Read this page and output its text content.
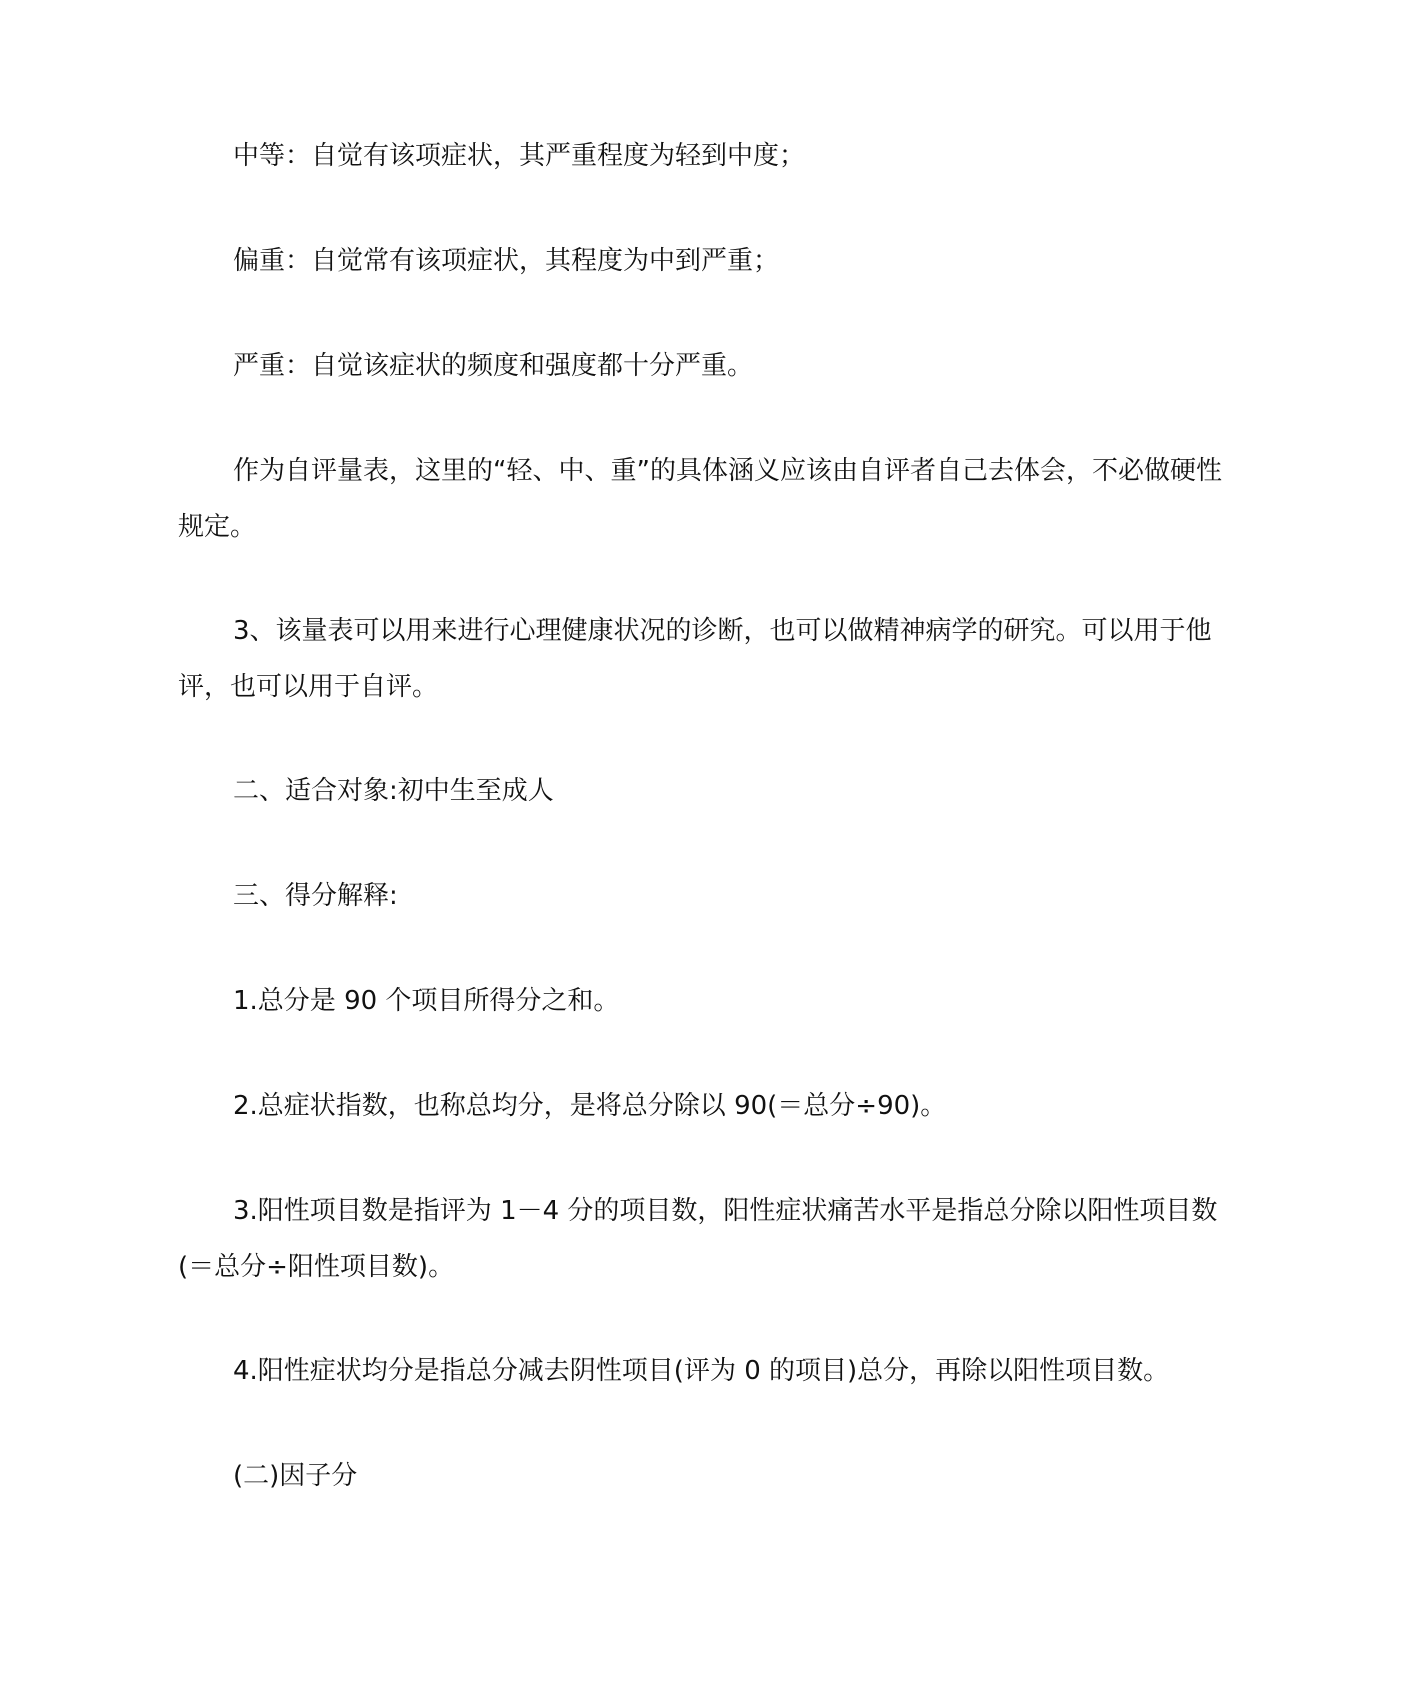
中等：自觉有该项症状，其严重程度为轻到中度；

偏重：自觉常有该项症状，其程度为中到严重；

严重：自觉该症状的频度和强度都十分严重。

作为自评量表，这里的“轻、中、重”的具体涵义应该由自评者自己去体会，不必做硬性规定。

3、该量表可以用来进行心理健康状况的诊断，也可以做精神病学的研究。可以用于他评，也可以用于自评。

二、适合对象:初中生至成人

三、得分解释:

1.总分是 90 个项目所得分之和。

2.总症状指数，也称总均分，是将总分除以 90(＝总分÷90)。

3.阳性项目数是指评为 1－4 分的项目数，阳性症状痛苦水平是指总分除以阳性项目数(＝总分÷阳性项目数)。

4.阳性症状均分是指总分减去阴性项目(评为 0 的项目)总分，再除以阳性项目数。

(二)因子分
